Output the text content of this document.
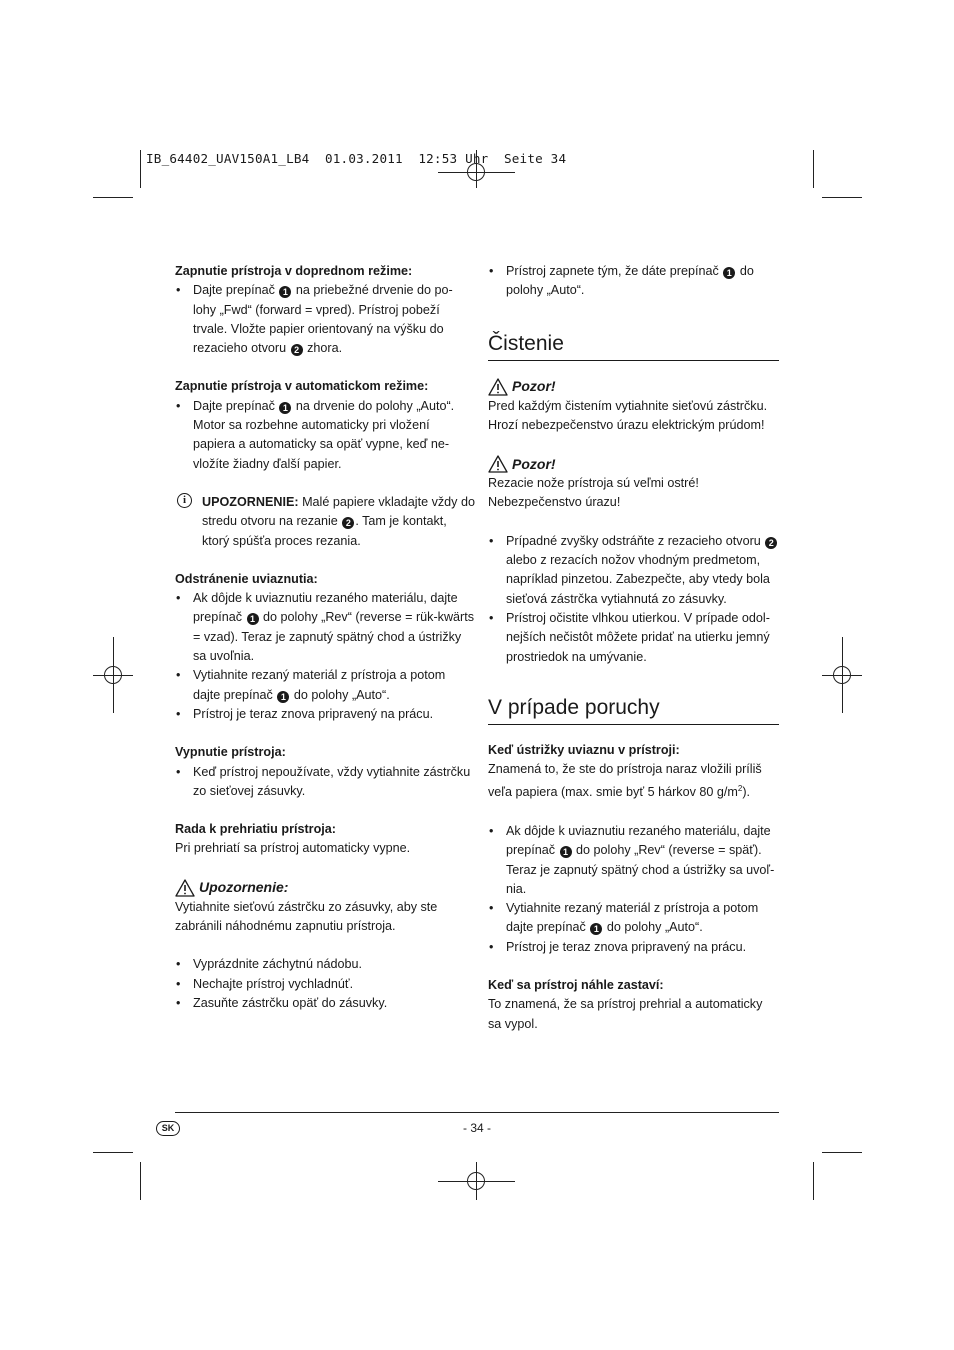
IB_64402_UAV150A1_LB4  01.03.2011  12:53 Uhr  Seite 34

Zapnutie prístroja v doprednom režime:

• Dajte prepínač 1 na priebežné drvenie do po-lohy „Fwd“ (forward = vpred). Prístroj pobeží trvale. Vložte papier orientovaný na výšku do rezacieho otvoru 2 zhora.

Zapnutie prístroja v automatickom režime:

• Dajte prepínač 1 na drvenie do polohy „Auto“. Motor sa rozbehne automaticky pri vložení papiera a automaticky sa opäť vypne, keď ne-vložíte žiadny ďalší papier.
i	UPOZORNENIE: Malé papiere vkladajte vždy do stredu otvoru na rezanie 2 . Tam je kontakt, ktorý spúšťa proces rezania.

Odstránenie uviaznutia:

• Ak dôjde k uviaznutiu rezaného materiálu, dajte prepínač 1 do polohy „Rev“ (reverse = rük-kwärts = vzad). Teraz je zapnutý spätný chod a ústrižky sa uvoľnia.
• Vytiahnite rezaný materiál z prístroja a potom dajte prepínač 1 do polohy „Auto“.
• Prístroj je teraz znova pripravený na prácu.

Vypnutie prístroja:

• Keď prístroj nepoužívate, vždy vytiahnite zástrčku zo sieťovej zásuvky.

Rada k prehriatiu prístroja:

Pri prehriatí sa prístroj automaticky vypne.

Upozornenie:

Vytiahnite sieťovú zástrčku zo zásuvky, aby ste zabránili náhodnému zapnutiu prístroja.

• Vyprázdnite záchytnú nádobu.
• Nechajte prístroj vychladnúť.
• Zasuňte zástrčku opäť do zásuvky.
• Prístroj zapnete tým, že dáte prepínač 1 do polohy „Auto“.
Čistenie
Pozor!

Pred každým čistením vytiahnite sieťovú zástrčku. Hrozí nebezpečenstvo úrazu elektrickým prúdom!

Pozor!

Rezacie nože prístroja sú veľmi ostré! Nebezpečenstvo úrazu!

• Prípadné zvyšky odstráňte z rezacieho otvoru 2 alebo z rezacích nožov vhodným predmetom, napríklad pinzetou. Zabezpečte, aby vtedy bola sieťová zástrčka vytiahnutá zo zásuvky.
• Prístroj očistite vlhkou utierkou. V prípade odol-nejších nečistôt môžete pridať na utierku jemný prostriedok na umývanie.
V prípade poruchy

Keď ústrižky uviaznu v prístroji:

Znamená to, že ste do prístroja naraz vložili príliš veľa papiera (max. smie byť 5 hárkov 80 $g/m^2$).

• Ak dôjde k uviaznutiu rezaného materiálu, dajte prepínač 1 do polohy „Rev“ (reverse = späť). Teraz je zapnutý spätný chod a ústrižky sa uvoľ-nia.
• Vytiahnite rezaný materiál z prístroja a potom dajte prepínač 1 do polohy „Auto“.
• Prístroj je teraz znova pripravený na prácu.

Keď sa prístroj náhle zastaví:

To znamená, že sa prístroj prehrial a automaticky sa vypol.

SK	- 34 -
